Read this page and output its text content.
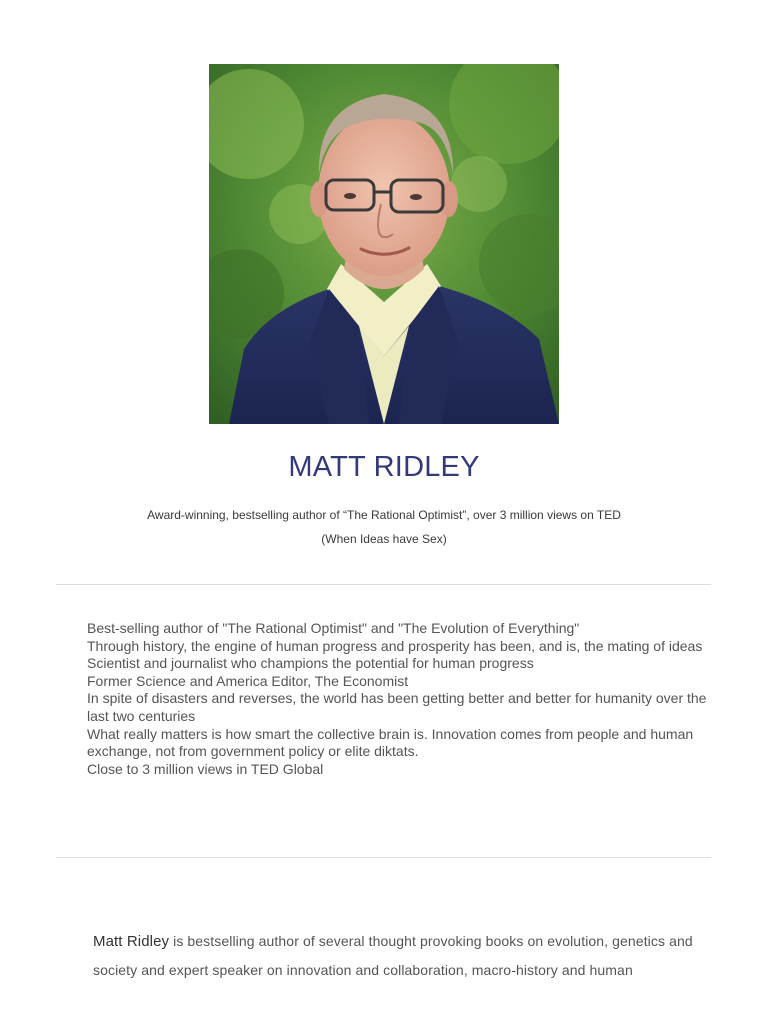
MATT RIDLEY
Award-winning, bestselling author of “The Rational Optimist”, over 3 million views on TED
(When Ideas have Sex)
Best-selling author of "The Rational Optimist" and "The Evolution of Everything"
Through history, the engine of human progress and prosperity has been, and is, the mating of ideas
Scientist and journalist who champions the potential for human progress
Former Science and America Editor, The Economist
In spite of disasters and reverses, the world has been getting better and better for humanity over the last two centuries
What really matters is how smart the collective brain is. Innovation comes from people and human exchange, not from government policy or elite diktats.
Close to 3 million views in TED Global

Matt Ridley is bestselling author of several thought provoking books on evolution, genetics and society and expert speaker on innovation and collaboration, macro-history and human
